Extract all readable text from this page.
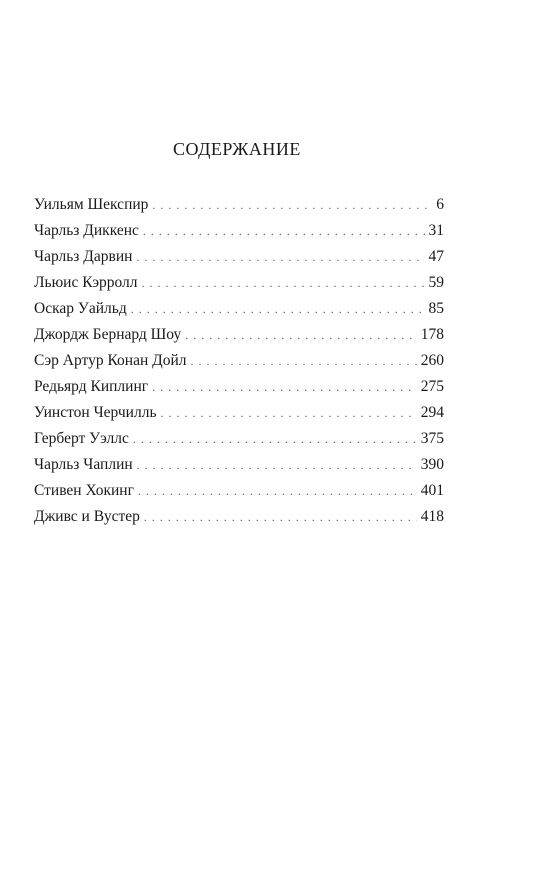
СОДЕРЖАНИЕ
Уильям Шекспир . . .	6
Чарльз Диккенс . . .	31
Чарльз Дарвин . . .	47
Льюис Кэрролл . . .	59
Оскар Уайльд . . .	85
Джордж Бернард Шоу . . .	178
Сэр Артур Конан Дойл . . .	260
Редьярд Киплинг . . .	275
Уинстон Черчилль . . .	294
Герберт Уэллс . . .	375
Чарльз Чаплин . . .	390
Стивен Хокинг . . .	401
Дживс и Вустер . . .	418
